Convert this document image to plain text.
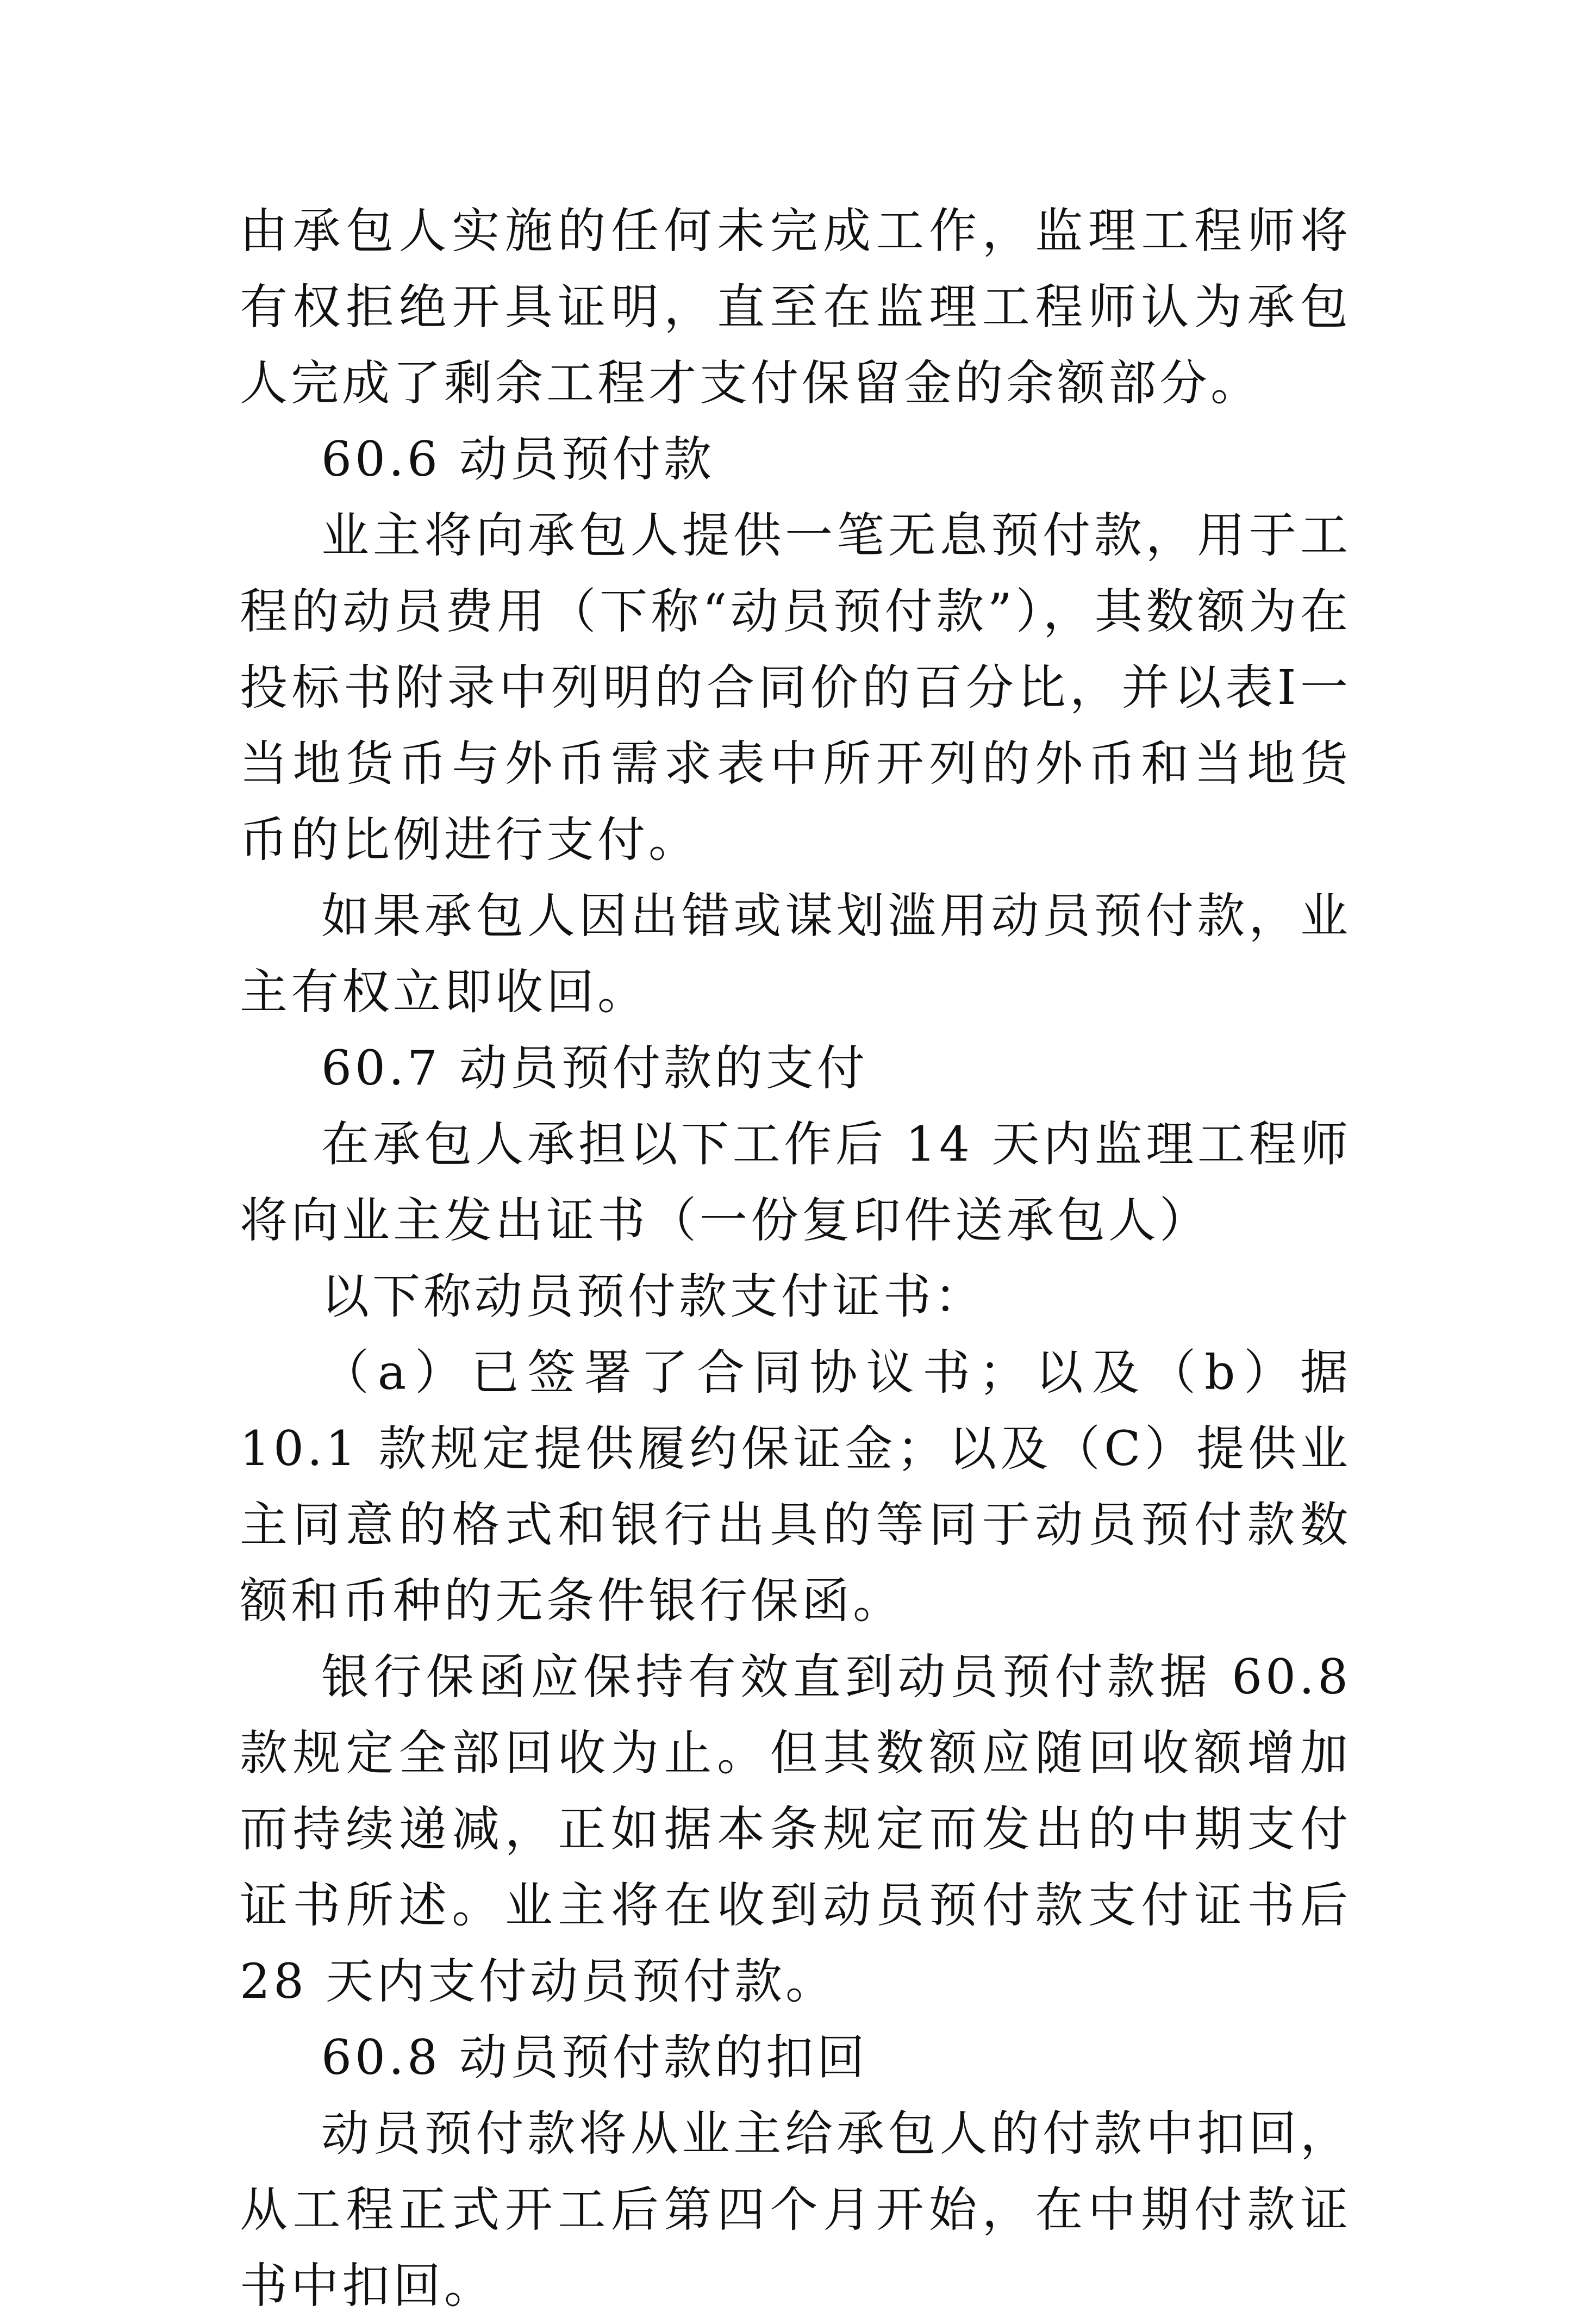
由承包人实施的任何未完成工作，监理工程师将有权拒绝开具证明，直至在监理工程师认为承包人完成了剩余工程才支付保留金的余额部分。

60.6 动员预付款

业主将向承包人提供一笔无息预付款，用于工程的动员费用（下称“动员预付款”），其数额为在投标书附录中列明的合同价的百分比，并以表Ⅰ一当地货币与外币需求表中所开列的外币和当地货币的比例进行支付。

如果承包人因出错或谋划滥用动员预付款，业主有权立即收回。

60.7 动员预付款的支付

在承包人承担以下工作后 14 天内监理工程师将向业主发出证书（一份复印件送承包人）

以下称动员预付款支付证书：

（a）已签署了合同协议书；以及（b）据 10.1 款规定提供履约保证金；以及（C）提供业主同意的格式和银行出具的等同于动员预付款数额和币种的无条件银行保函。

银行保函应保持有效直到动员预付款据 60.8 款规定全部回收为止。但其数额应随回收额增加而持续递减，正如据本条规定而发出的中期支付证书所述。业主将在收到动员预付款支付证书后 28 天内支付动员预付款。

60.8 动员预付款的扣回

动员预付款将从业主给承包人的付款中扣回，从工程正式开工后第四个月开始，在中期付款证书中扣回。
